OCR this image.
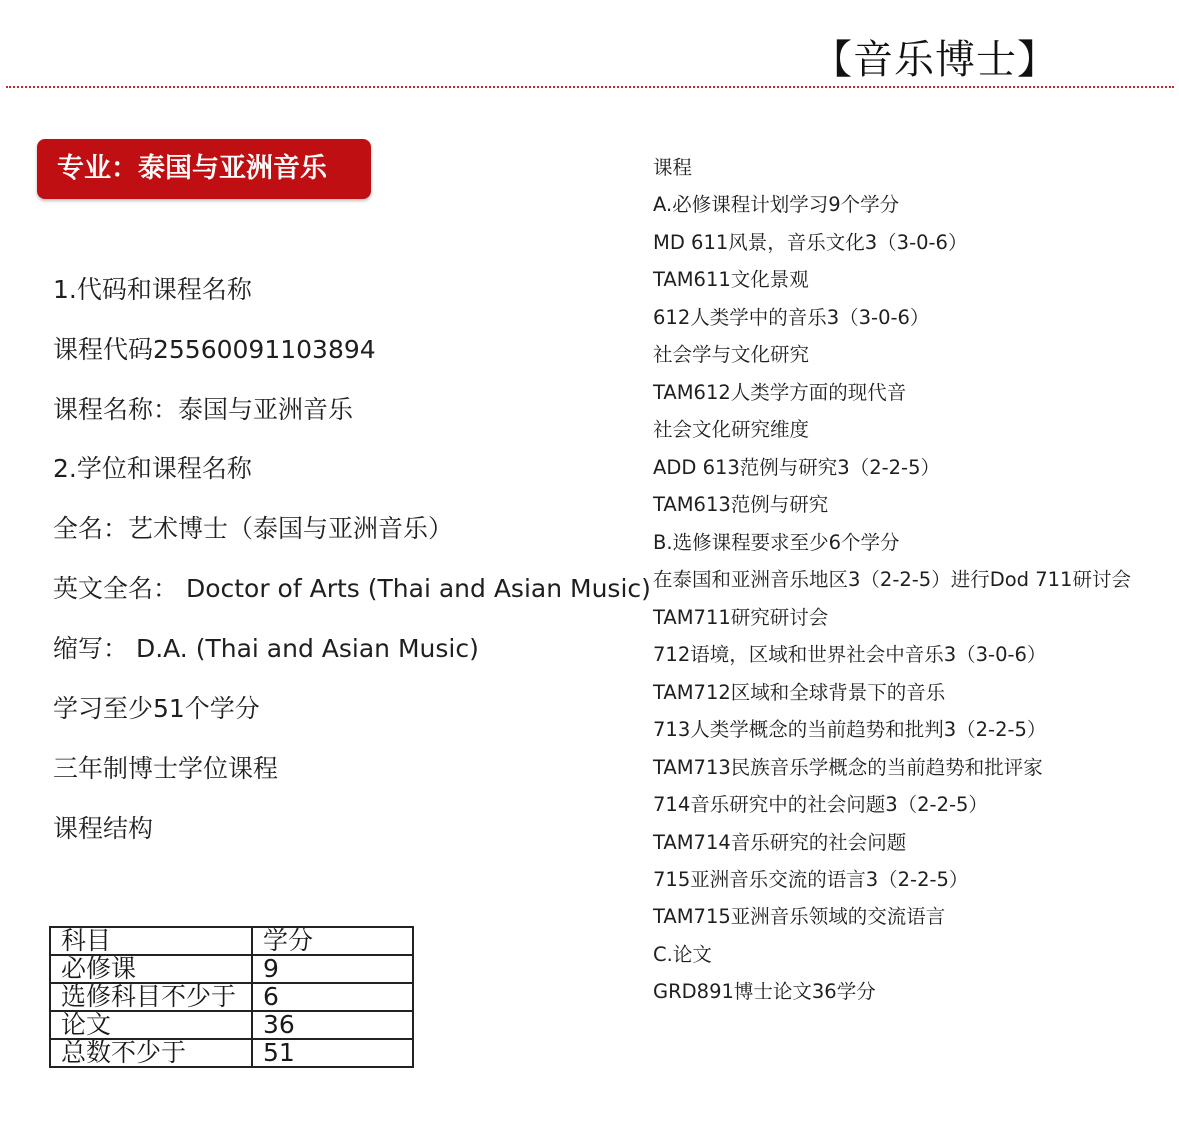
【音乐博士】
专业：泰国与亚洲音乐
1.代码和课程名称
课程代码25560091103894
课程名称：泰国与亚洲音乐
2.学位和课程名称
全名：艺术博士（泰国与亚洲音乐）
英文全名： Doctor of Arts (Thai and Asian Music)
缩写： D.A. (Thai and Asian Music)
学习至少51个学分
三年制博士学位课程
课程结构
科目	学分
必修课	9
选修科目不少于	6
论文	36
总数不少于	51
课程
A.必修课程计划学习9个学分
MD 611风景，音乐文化3（3-0-6）
TAM611文化景观
612人类学中的音乐3（3-0-6）
社会学与文化研究
TAM612人类学方面的现代音
社会文化研究维度
ADD 613范例与研究3（2-2-5）
TAM613范例与研究
B.选修课程要求至少6个学分
在泰国和亚洲音乐地区3（2-2-5）进行Dod 711研讨会
TAM711研究研讨会
712语境，区域和世界社会中音乐3（3-0-6）
TAM712区域和全球背景下的音乐
713人类学概念的当前趋势和批判3（2-2-5）
TAM713民族音乐学概念的当前趋势和批评家
714音乐研究中的社会问题3（2-2-5）
TAM714音乐研究的社会问题
715亚洲音乐交流的语言3（2-2-5）
TAM715亚洲音乐领域的交流语言
C.论文
GRD891博士论文36学分
